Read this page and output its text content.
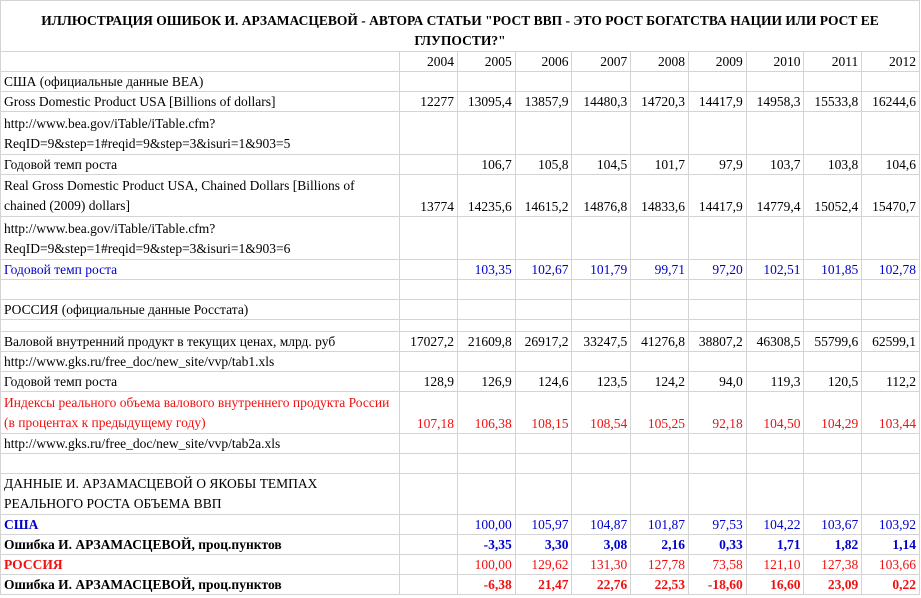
ИЛЛЮСТРАЦИЯ ОШИБОК И. АРЗАМАСЦЕВОЙ - АВТОРА СТАТЬИ "РОСТ ВВП - ЭТО РОСТ БОГАТСТВА НАЦИИ ИЛИ РОСТ ЕЕ ГЛУПОСТИ?"									
	2004	2005	2006	2007	2008	2009	2010	2011	2012
США (официальные данные BEA)									
Gross Domestic Product USA [Billions of dollars]	12277	13095,4	13857,9	14480,3	14720,3	14417,9	14958,3	15533,8	16244,6
http://www.bea.gov/iTable/iTable.cfm?ReqID=9&step=1#reqid=9&step=3&isuri=1&903=5									
Годовой темп роста		106,7	105,8	104,5	101,7	97,9	103,7	103,8	104,6
Real Gross Domestic Product USA, Chained Dollars [Billions of chained (2009) dollars]	13774	14235,6	14615,2	14876,8	14833,6	14417,9	14779,4	15052,4	15470,7
http://www.bea.gov/iTable/iTable.cfm?ReqID=9&step=1#reqid=9&step=3&isuri=1&903=6									
Годовой темп роста		103,35	102,67	101,79	99,71	97,20	102,51	101,85	102,78

РОССИЯ (официальные данные Росстата)									

Валовой внутренний продукт в текущих ценах, млрд. руб	17027,2	21609,8	26917,2	33247,5	41276,8	38807,2	46308,5	55799,6	62599,1
http://www.gks.ru/free_doc/new_site/vvp/tab1.xls									
Годовой темп роста	128,9	126,9	124,6	123,5	124,2	94,0	119,3	120,5	112,2
Индексы реального объема валового внутреннего продукта России (в процентах к предыдущему году)	107,18	106,38	108,15	108,54	105,25	92,18	104,50	104,29	103,44
http://www.gks.ru/free_doc/new_site/vvp/tab2a.xls									

ДАННЫЕ И. АРЗАМАСЦЕВОЙ О ЯКОБЫ ТЕМПАХ РЕАЛЬНОГО РОСТА ОБЪЕМА ВВП									
США		100,00	105,97	104,87	101,87	97,53	104,22	103,67	103,92
Ошибка И. АРЗАМАСЦЕВОЙ, проц.пунктов		-3,35	3,30	3,08	2,16	0,33	1,71	1,82	1,14
РОССИЯ		100,00	129,62	131,30	127,78	73,58	121,10	127,38	103,66
Ошибка И. АРЗАМАСЦЕВОЙ, проц.пунктов		-6,38	21,47	22,76	22,53	-18,60	16,60	23,09	0,22
